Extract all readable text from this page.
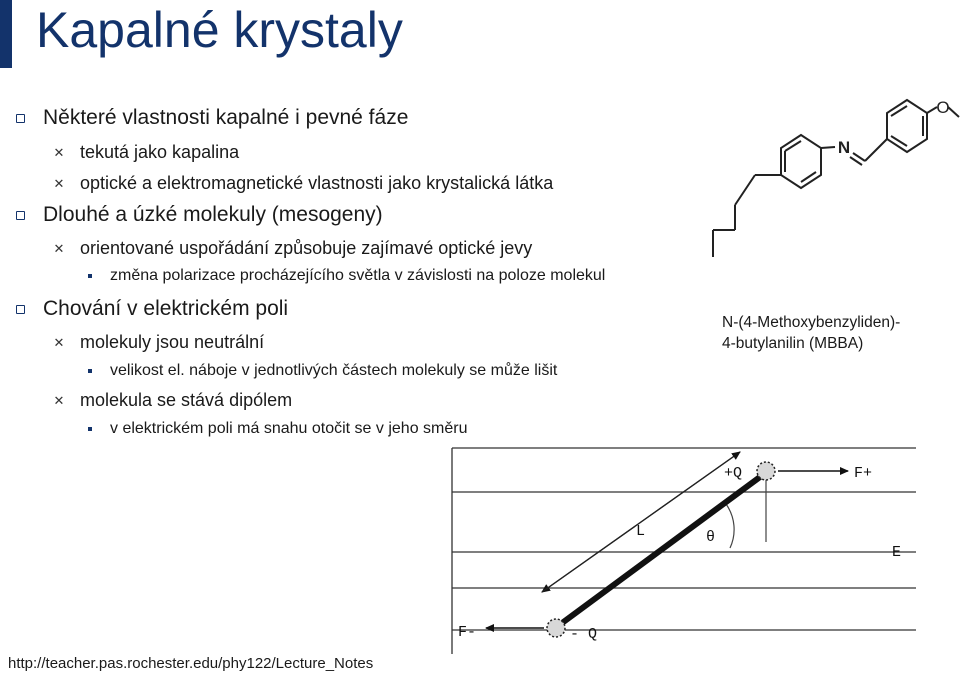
Kapalné krystaly
Některé vlastnosti kapalné i pevné fáze
✕ tekutá jako kapalina
✕ optické a elektromagnetické vlastnosti jako krystalická látka
Dlouhé a úzké molekuly (mesogeny)
✕ orientované uspořádání způsobuje zajímavé optické jevy
změna polarizace procházejícího světla v závislosti na poloze molekul
Chování v elektrickém poli
✕ molekuly jsou neutrální
velikost el. náboje v jednotlivých částech molekuly se může lišit
✕ molekula se stává dipólem
v elektrickém poli má snahu otočit se v jeho směru
N
O
N-(4-Methoxybenzyliden)-
4-butylanilin (MBBA)
+Q
- Q
F+
F-
L	θ
E
http://teacher.pas.rochester.edu/phy122/Lecture_Notes
